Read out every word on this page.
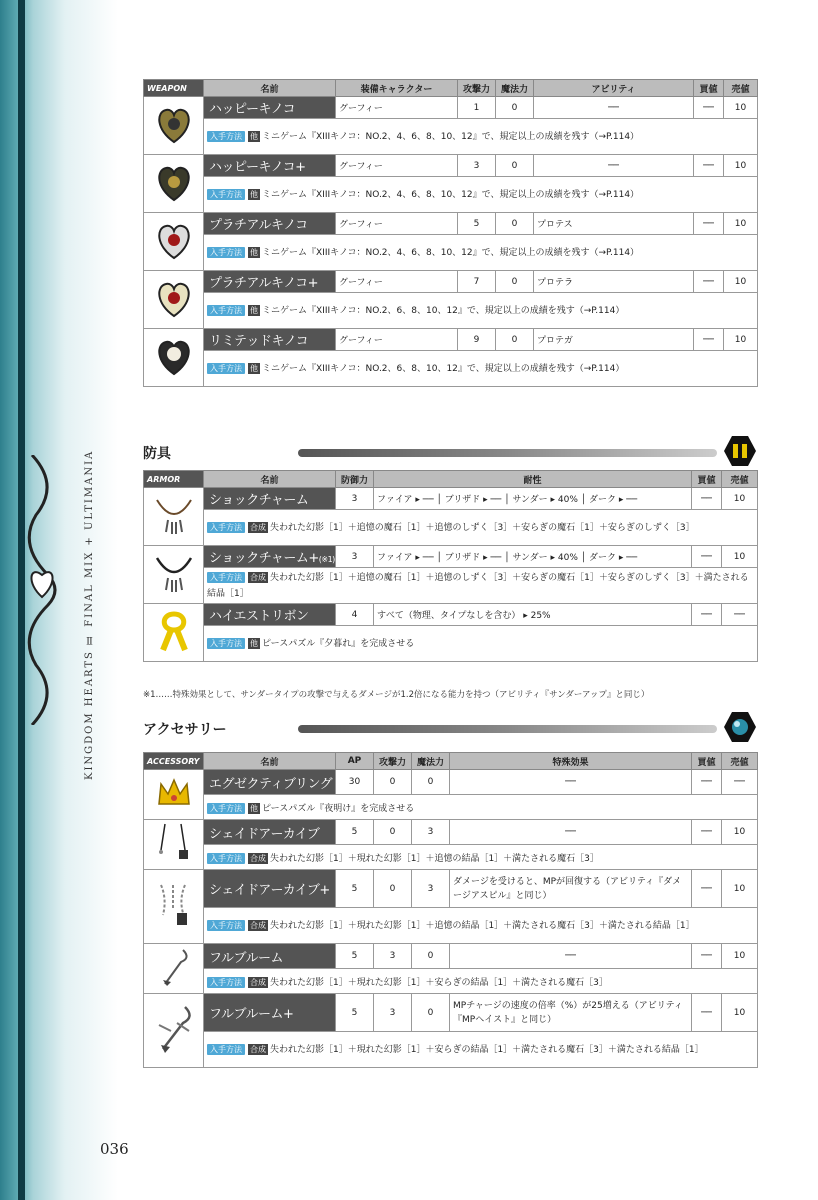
KINGDOM HEARTS Ⅱ FINAL MIX + ULTIMANIA
036
WEAPON	名前	装備キャラクター	攻撃力	魔法力	アビリティ	買値	売値
	ハッピーキノコ	グーフィー	1	0	──	──	10
	入手方法 他 ミニゲーム『XIIIキノコ：NO.2、4、6、8、10、12』で、規定以上の成績を残す（→P.114）						
	ハッピーキノコ+	グーフィー	3	0	──	──	10
	入手方法 他 ミニゲーム『XIIIキノコ：NO.2、4、6、8、10、12』で、規定以上の成績を残す（→P.114）						
	プラチアルキノコ	グーフィー	5	0	プロテス	──	10
	入手方法 他 ミニゲーム『XIIIキノコ：NO.2、4、6、8、10、12』で、規定以上の成績を残す（→P.114）						
	プラチアルキノコ+	グーフィー	7	0	プロテラ	──	10
	入手方法 他 ミニゲーム『XIIIキノコ：NO.2、6、8、10、12』で、規定以上の成績を残す（→P.114）						
	リミテッドキノコ	グーフィー	9	0	プロテガ	──	10
	入手方法 他 ミニゲーム『XIIIキノコ：NO.2、6、8、10、12』で、規定以上の成績を残す（→P.114）						
防具
ARMOR	名前	防御力	耐性	買値	売値
	ショックチャーム	3	ファイア ▸ ── │ ブリザド ▸ ── │ サンダー ▸ 40% │ ダーク ▸ ──	──	10
	入手方法 合成 失われた幻影［1］＋追憶の魔石［1］＋追憶のしずく［3］＋安らぎの魔石［1］＋安らぎのしずく［3］				
	ショックチャーム+(※1)	3	ファイア ▸ ── │ ブリザド ▸ ── │ サンダー ▸ 40% │ ダーク ▸ ──	──	10
	入手方法 合成 失われた幻影［1］＋追憶の魔石［1］＋追憶のしずく［3］＋安らぎの魔石［1］＋安らぎのしずく［3］＋満たされる結晶［1］				
	ハイエストリボン	4	すべて（物理、タイプなしを含む） ▸ 25%	──	──
	入手方法 他 ピースパズル『夕暮れ』を完成させる				
※1……特殊効果として、サンダータイプの攻撃で与えるダメージが1.2倍になる能力を持つ（アビリティ『サンダーアップ』と同じ）
アクセサリー
ACCESSORY	名前	AP	攻撃力	魔法力	特殊効果	買値	売値
	エグゼクティブリング	30	0	0	──	──	──
	入手方法 他 ピースパズル『夜明け』を完成させる						
	シェイドアーカイブ	5	0	3	──	──	10
	入手方法 合成 失われた幻影［1］＋現れた幻影［1］＋追憶の結晶［1］＋満たされる魔石［3］						
	シェイドアーカイブ+	5	0	3	ダメージを受けると、MPが回復する（アビリティ『ダメージアスピル』と同じ）	──	10
	入手方法 合成 失われた幻影［1］＋現れた幻影［1］＋追憶の結晶［1］＋満たされる魔石［3］＋満たされる結晶［1］						
	フルブルーム	5	3	0	──	──	10
	入手方法 合成 失われた幻影［1］＋現れた幻影［1］＋安らぎの結晶［1］＋満たされる魔石［3］						
	フルブルーム+	5	3	0	MPチャージの速度の倍率（%）が25増える（アビリティ『MPヘイスト』と同じ）	──	10
	入手方法 合成 失われた幻影［1］＋現れた幻影［1］＋安らぎの結晶［1］＋満たされる魔石［3］＋満たされる結晶［1］						
